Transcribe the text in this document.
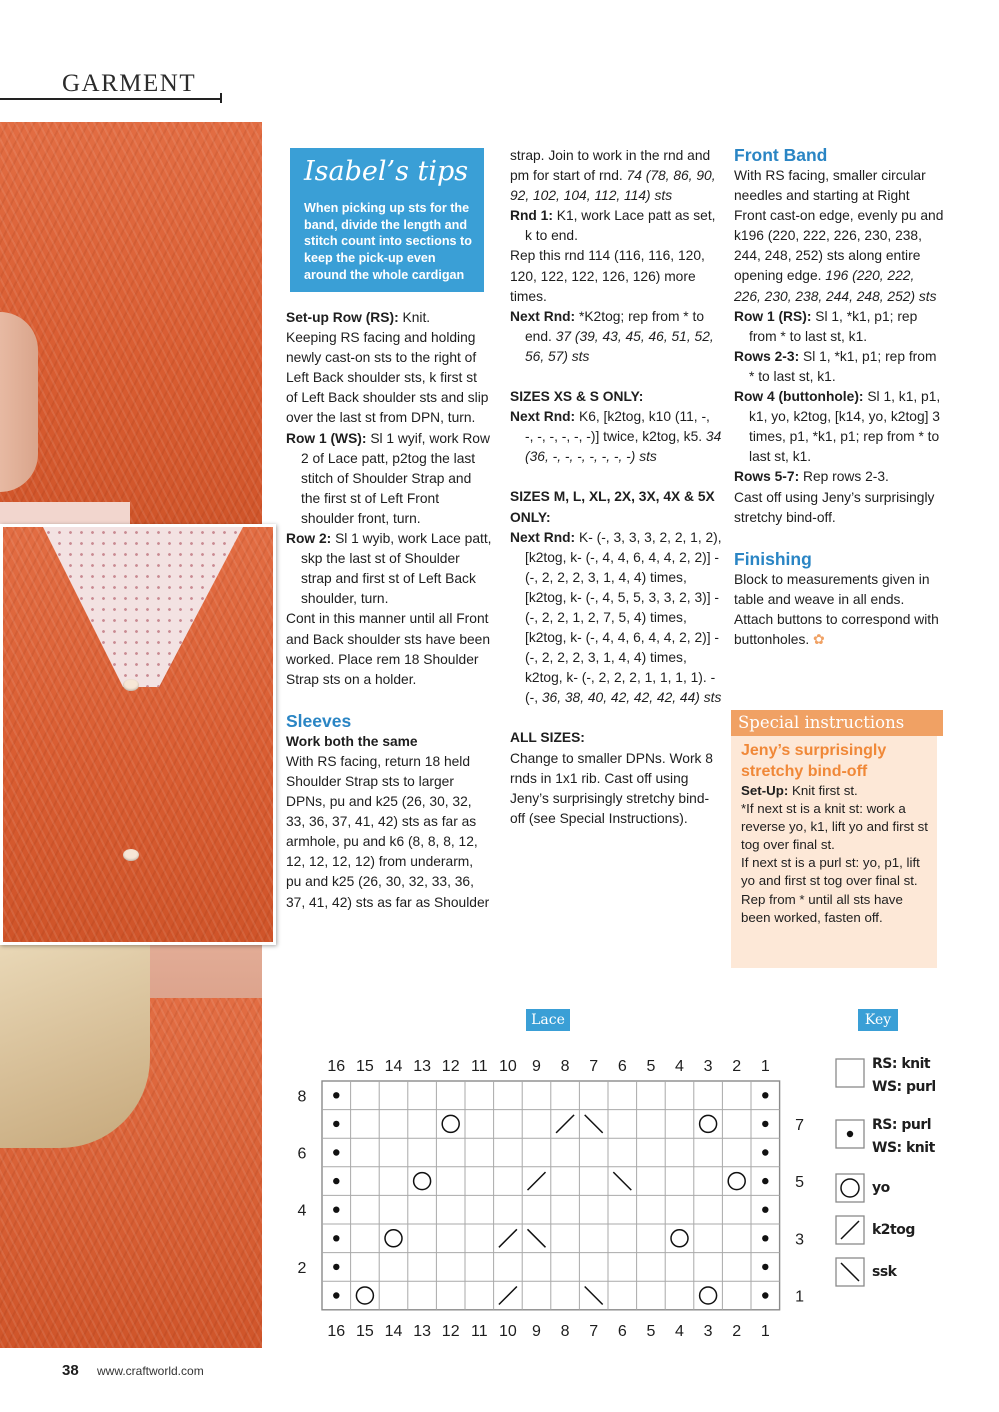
GARMENT
Isabel’s tips
When picking up sts for the band, divide the length and stitch count into sections to keep the pick-up even around the whole cardigan

Set-up Row (RS): Knit.

Keeping RS facing and holding newly cast-on sts to the right of Left Back shoulder sts, k first st of Left Back shoulder sts and slip over the last st from DPN, turn.

Row 1 (WS): Sl 1 wyif, work Row 2 of Lace patt, p2tog the last stitch of Shoulder Strap and the first st of Left Front shoulder front, turn.

Row 2: Sl 1 wyib, work Lace patt, skp the last st of Shoulder strap and first st of Left Back shoulder, turn.

Cont in this manner until all Front and Back shoulder sts have been worked. Place rem 18 Shoulder Strap sts on a holder.

Sleeves

Work both the same

With RS facing, return 18 held Shoulder Strap sts to larger DPNs, pu and k25 (26, 30, 32, 33, 36, 37, 41, 42) sts as far as armhole, pu and k6 (8, 8, 8, 12, 12, 12, 12, 12) from underarm, pu and k25 (26, 30, 32, 33, 36, 37, 41, 42) sts as far as Shoulder

strap. Join to work in the rnd and pm for start of rnd. 74 (78, 86, 90, 92, 102, 104, 112, 114) sts

Rnd 1: K1, work Lace patt as set, k to end.

Rep this rnd 114 (116, 116, 120, 120, 122, 122, 126, 126) more times.

Next Rnd: *K2tog; rep from * to end. 37 (39, 43, 45, 46, 51, 52, 56, 57) sts

SIZES XS & S ONLY:

Next Rnd: K6, [k2tog, k10 (11, -, -, -, -, -, -, -)] twice, k2tog, k5. 34 (36, -, -, -, -, -, -, -) sts

SIZES M, L, XL, 2X, 3X, 4X & 5X ONLY:

Next Rnd: K- (-, 3, 3, 3, 2, 2, 1, 2), [k2tog, k- (-, 4, 4, 6, 4, 4, 2, 2)] - (-, 2, 2, 2, 3, 1, 4, 4) times, [k2tog, k- (-, 4, 5, 5, 3, 3, 2, 3)] - (-, 2, 2, 1, 2, 7, 5, 4) times, [k2tog, k- (-, 4, 4, 6, 4, 4, 2, 2)] - (-, 2, 2, 2, 3, 1, 4, 4) times, k2tog, k- (-, 2, 2, 2, 1, 1, 1, 1). - (-, 36, 38, 40, 42, 42, 42, 44) sts

ALL SIZES:

Change to smaller DPNs. Work 8 rnds in 1x1 rib. Cast off using Jeny’s surprisingly stretchy bind-off (see Special Instructions).

Front Band

With RS facing, smaller circular needles and starting at Right Front cast-on edge, evenly pu and k196 (220, 222, 226, 230, 238, 244, 248, 252) sts along entire opening edge. 196 (220, 222, 226, 230, 238, 244, 248, 252) sts

Row 1 (RS): Sl 1, *k1, p1; rep from * to last st, k1.

Rows 2-3: Sl 1, *k1, p1; rep from * to last st, k1.

Row 4 (buttonhole): Sl 1, k1, p1, k1, yo, k2tog, [k14, yo, k2tog] 3 times, p1, *k1, p1; rep from * to last st, k1.

Rows 5-7: Rep rows 2-3.

Cast off using Jeny’s surprisingly stretchy bind-off.

Finishing

Block to measurements given in table and weave in all ends. Attach buttons to correspond with buttonholes. ✿

Special instructions
Jeny’s surprisingly stretchy bind-off

Set-Up: Knit first st.

*If next st is a knit st: work a reverse yo, k1, lift yo and first st tog over final st.

If next st is a purl st: yo, p1, lift yo and first st tog over final st.

Rep from * until all sts have been worked, fasten off.

Lace	Key
16
16
15
15
14
14
13
13
12
12
11
11
10
10
9
9
8
8
7
7
6
6
5
5
4
4
3
3
2
2
1
1
8
7
6
5
4
3
2
1
RS: knit
WS: purl
RS: purl
WS: knit
yo
k2tog
ssk
38 www.craftworld.com
